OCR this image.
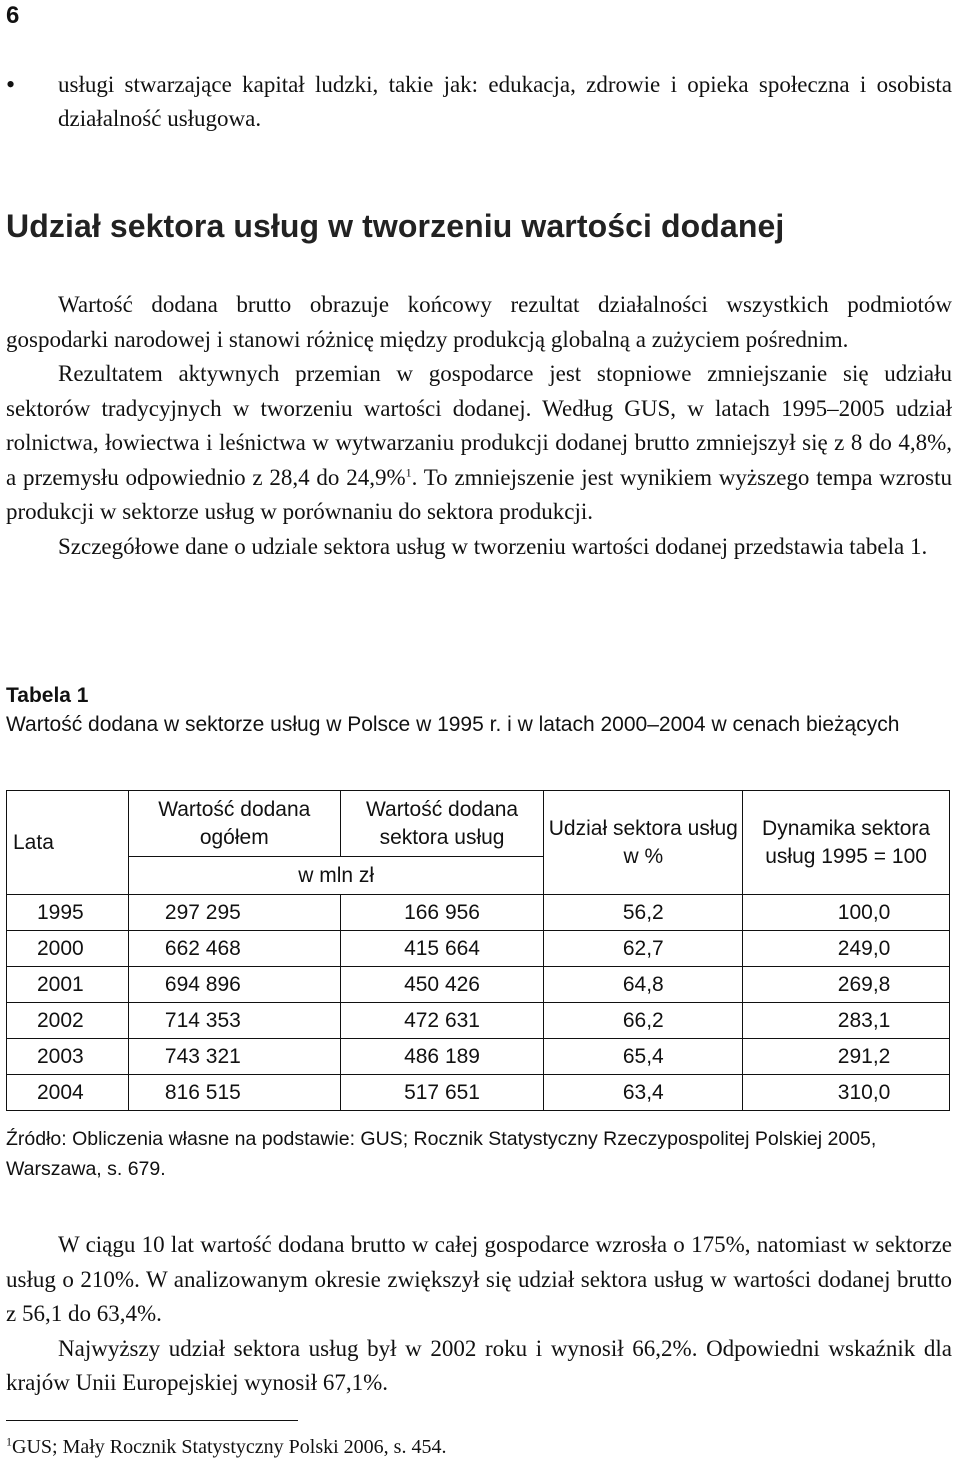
6
• usługi stwarzające kapitał ludzki, takie jak: edukacja, zdrowie i opieka społeczna i osobista działalność usługowa.
Udział sektora usług w tworzeniu wartości dodanej

Wartość dodana brutto obrazuje końcowy rezultat działalności wszystkich podmiotów gospodarki narodowej i stanowi różnicę między produkcją globalną a zużyciem pośrednim.

Rezultatem aktywnych przemian w gospodarce jest stopniowe zmniejszanie się udziału sektorów tradycyjnych w tworzeniu wartości dodanej. Według GUS, w latach 1995–2005 udział rolnictwa, łowiectwa i leśnictwa w wytwarzaniu produkcji dodanej brutto zmniejszył się z 8 do 4,8%, a przemysłu odpowiednio z 28,4 do 24,9%$^1$. To zmniejszenie jest wynikiem wyższego tempa wzrostu produkcji w sektorze usług w porównaniu do sektora produkcji.

Szczegółowe dane o udziale sektora usług w tworzeniu wartości dodanej przedstawia tabela 1.

Tabela 1
Wartość dodana w sektorze usług w Polsce w 1995 r. i w latach 2000–2004 w cenach bieżących
Lata	Wartość dodana ogółem	Wartość dodana sektora usług	Udział sektora usług w %	Dynamika sektora usług 1995 = 100
	w mln zł			
1995	297 295	166 956	56,2	100,0
2000	662 468	415 664	62,7	249,0
2001	694 896	450 426	64,8	269,8
2002	714 353	472 631	66,2	283,1
2003	743 321	486 189	65,4	291,2
2004	816 515	517 651	63,4	310,0
Źródło: Obliczenia własne na podstawie: GUS; Rocznik Statystyczny Rzeczypospolitej Polskiej 2005, Warszawa, s. 679.

W ciągu 10 lat wartość dodana brutto w całej gospodarce wzrosła o 175%, natomiast w sektorze usług o 210%. W analizowanym okresie zwiększył się udział sektora usług w wartości dodanej brutto z 56,1 do 63,4%.

Najwyższy udział sektora usług był w 2002 roku i wynosił 66,2%. Odpowiedni wskaźnik dla krajów Unii Europejskiej wynosił 67,1%.

$^1$GUS; Mały Rocznik Statystyczny Polski 2006, s. 454.
